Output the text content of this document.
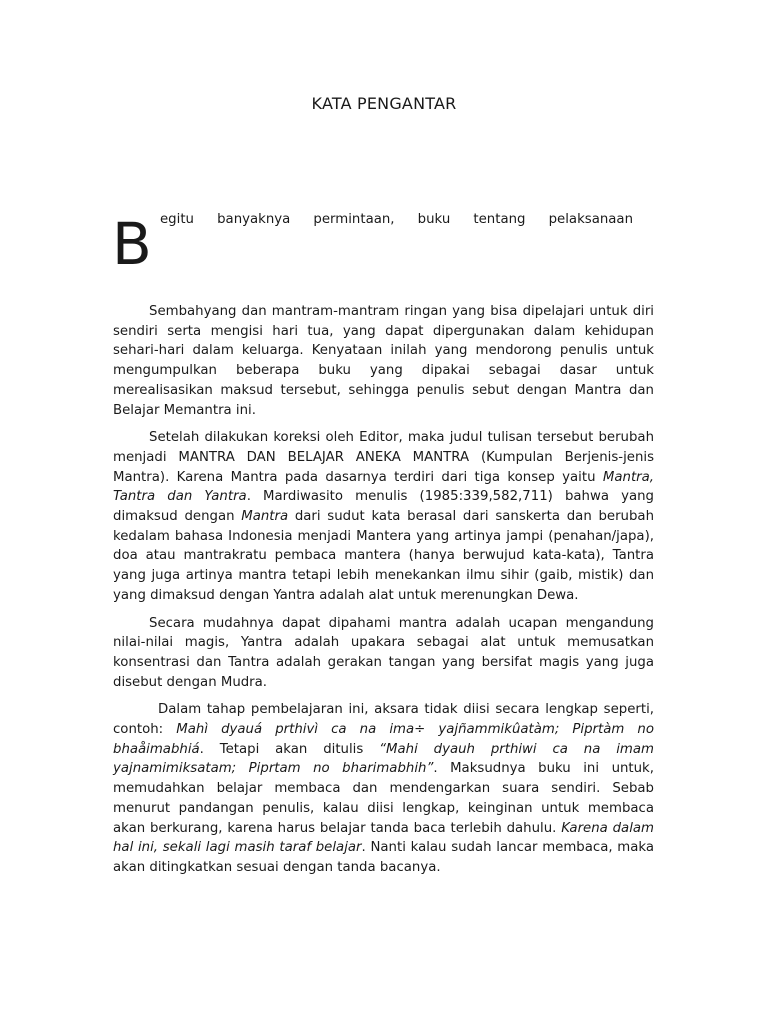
KATA PENGANTAR
B egitu banyaknya permintaan, buku tentang pelaksanaan

Sembahyang dan mantram-mantram ringan yang bisa dipelajari untuk diri sendiri serta mengisi hari tua, yang dapat dipergunakan dalam kehidupan sehari-hari dalam keluarga. Kenyataan inilah yang mendorong penulis untuk mengumpulkan beberapa buku yang dipakai sebagai dasar untuk merealisasikan maksud tersebut, sehingga penulis sebut dengan Mantra dan Belajar Memantra ini.

Setelah dilakukan koreksi oleh Editor, maka judul tulisan tersebut berubah menjadi MANTRA DAN BELAJAR ANEKA MANTRA (Kumpulan Berjenis-jenis Mantra). Karena Mantra pada dasarnya terdiri dari tiga konsep yaitu Mantra, Tantra dan Yantra. Mardiwasito menulis (1985:339,582,711) bahwa yang dimaksud dengan Mantra dari sudut kata berasal dari sanskerta dan berubah kedalam bahasa Indonesia menjadi Mantera yang artinya jampi (penahan/japa), doa atau mantrakratu pembaca mantera (hanya berwujud kata-kata), Tantra yang juga artinya mantra tetapi lebih menekankan ilmu sihir (gaib, mistik) dan yang dimaksud dengan Yantra adalah alat untuk merenungkan Dewa.

Secara mudahnya dapat dipahami mantra adalah ucapan mengandung nilai-nilai magis, Yantra adalah upakara sebagai alat untuk memusatkan konsentrasi dan Tantra adalah gerakan tangan yang bersifat magis yang juga disebut dengan Mudra.

Dalam tahap pembelajaran ini, aksara tidak diisi secara lengkap seperti, contoh: Mahì dyauá prthivì ca na ima÷ yajñammikûatàm; Piprtàm no bhaåimabhiá. Tetapi akan ditulis “Mahi dyauh prthiwi ca na imam yajnamimiksatam; Piprtam no bharimabhih”. Maksudnya buku ini untuk, memudahkan belajar membaca dan mendengarkan suara sendiri. Sebab menurut pandangan penulis, kalau diisi lengkap, keinginan untuk membaca akan berkurang, karena harus belajar tanda baca terlebih dahulu. Karena dalam hal ini, sekali lagi masih taraf belajar. Nanti kalau sudah lancar membaca, maka akan ditingkatkan sesuai dengan tanda bacanya.
